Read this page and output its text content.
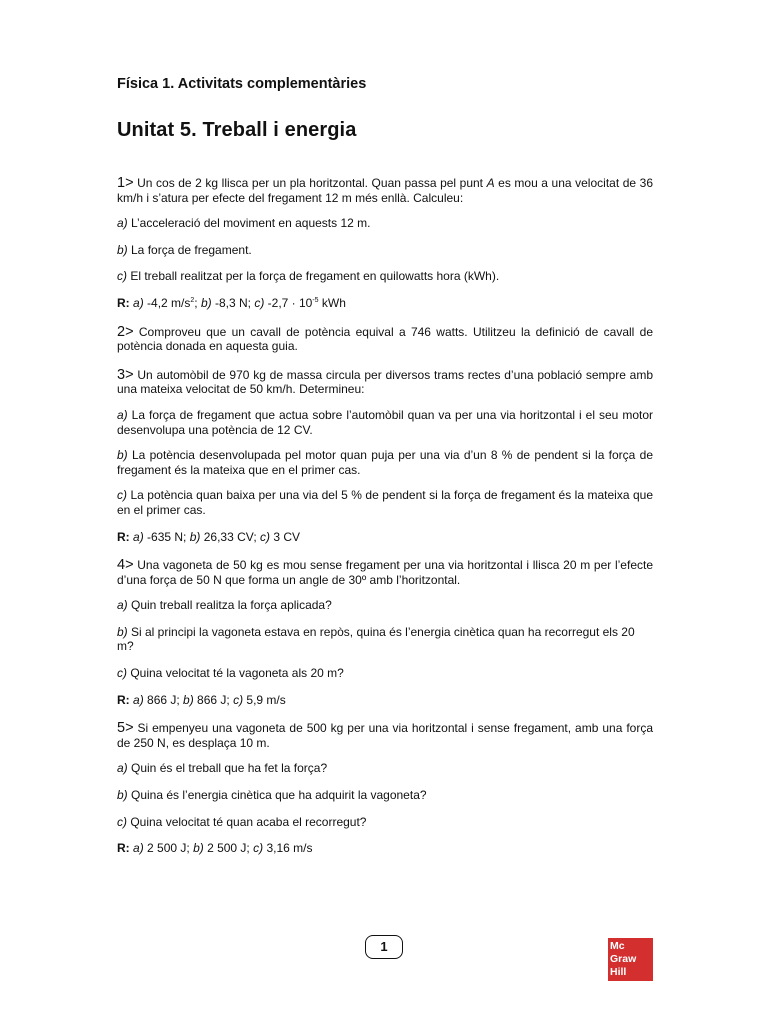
Física 1. Activitats complementàries
Unitat 5. Treball i energia

1> Un cos de 2 kg llisca per un pla horitzontal. Quan passa pel punt A es mou a una velocitat de 36 km/h i s’atura per efecte del fregament 12 m més enllà. Calculeu:

a) L’acceleració del moviment en aquests 12 m.

b) La força de fregament.

c) El treball realitzat per la força de fregament en quilowatts hora (kWh).

R: a) -4,2 $m/s^2$; b) -8,3 N; c) $-2,7 \cdot 10^{-5}$ kWh

2> Comproveu que un cavall de potència equival a 746 watts. Utilitzeu la definició de cavall de potència donada en aquesta guia.

3> Un automòbil de 970 kg de massa circula per diversos trams rectes d’una població sempre amb una mateixa velocitat de 50 km/h. Determineu:

a) La força de fregament que actua sobre l’automòbil quan va per una via horitzontal i el seu motor desenvolupa una potència de 12 CV.

b) La potència desenvolupada pel motor quan puja per una via d’un 8 % de pendent si la força de fregament és la mateixa que en el primer cas.

c) La potència quan baixa per una via del 5 % de pendent si la força de fregament és la mateixa que en el primer cas.

R: a) -635 N; b) 26,33 CV; c) 3 CV

4> Una vagoneta de 50 kg es mou sense fregament per una via horitzontal i llisca 20 m per l’efecte d’una força de 50 N que forma un angle de 30º amb l’horitzontal.

a) Quin treball realitza la força aplicada?

b) Si al principi la vagoneta estava en repòs, quina és l’energia cinètica quan ha recorregut els 20 m?

c) Quina velocitat té la vagoneta als 20 m?

R: a) 866 J; b) 866 J; c) 5,9 m/s

5> Si empenyeu una vagoneta de 500 kg per una via horitzontal i sense fregament, amb una força de 250 N, es desplaça 10 m.

a) Quin és el treball que ha fet la força?

b) Quina és l’energia cinètica que ha adquirit la vagoneta?

c) Quina velocitat té quan acaba el recorregut?

R: a) 2 500 J; b) 2 500 J; c) 3,16 m/s

1	Mc
Graw
Hill
